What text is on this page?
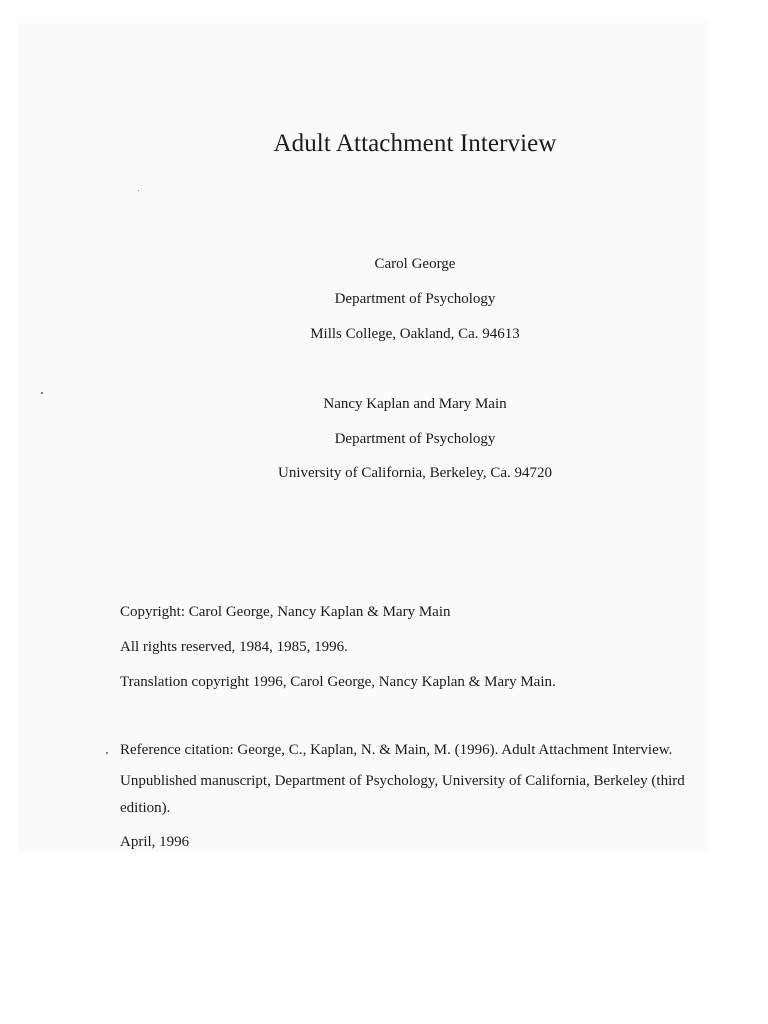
Adult Attachment Interview
Carol George
Department of Psychology
Mills College, Oakland, Ca. 94613
Nancy Kaplan and Mary Main
Department of Psychology
University of California, Berkeley, Ca. 94720
Copyright: Carol George, Nancy Kaplan & Mary Main
All rights reserved, 1984, 1985, 1996.
Translation copyright 1996, Carol George, Nancy Kaplan & Mary Main.
Reference citation: George, C., Kaplan, N. & Main, M. (1996). Adult Attachment Interview.
Unpublished manuscript, Department of Psychology, University of California, Berkeley (third
edition).
April, 1996
